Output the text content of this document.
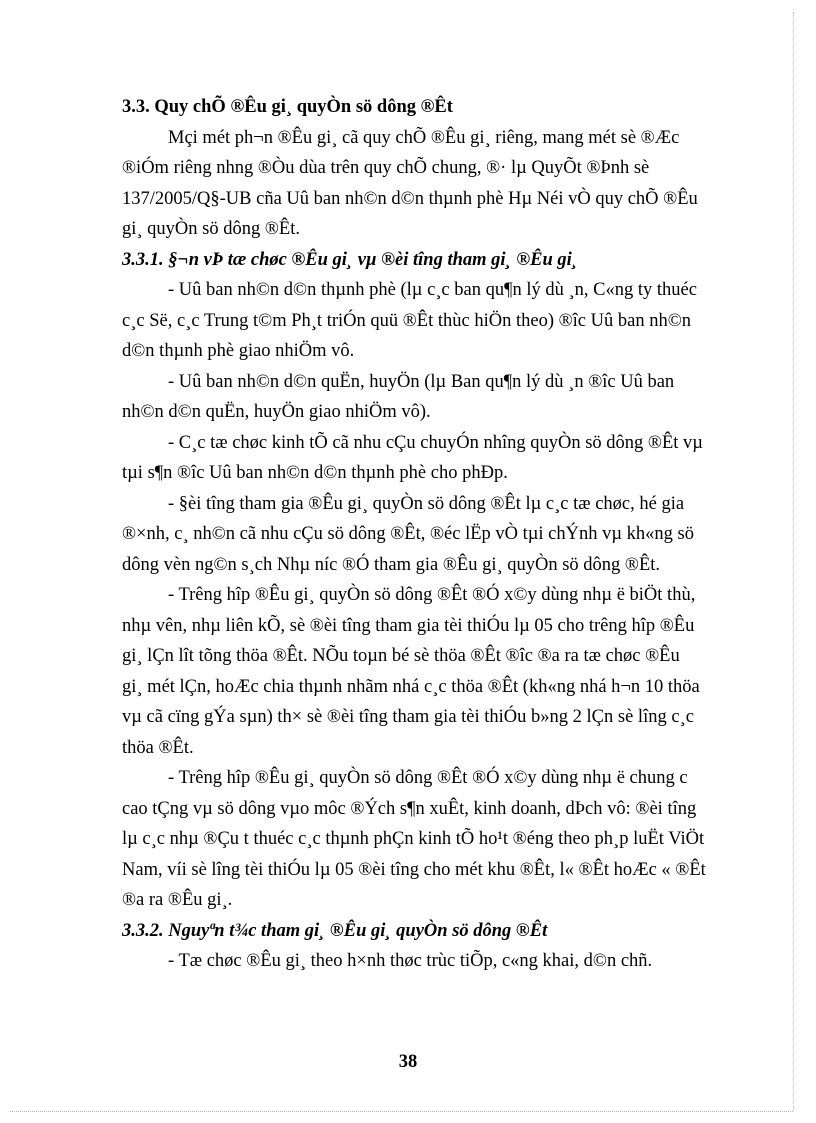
3.3. Quy chÕ ®Êu gi¸ quyÒn sö dông ®Êt
Mçi mét ph¬n ®Êu gi¸ cã quy chÕ ®Êu gi¸ riêng, mang mét sè ®Æc
®iÓm riêng nhng ®Òu dùa trên quy chÕ chung, ®· lµ QuyÕt ®Þnh sè
137/2005/Q§-UB cña Uû ban nh©n d©n thµnh phè Hµ Néi vÒ quy chÕ ®Êu
gi¸ quyÒn sö dông ®Êt.
3.3.1. §¬n vÞ tæ chøc ®Êu gi¸ vµ ®èi tîng tham gi¸ ®Êu gi¸
- Uû ban nh©n d©n thµnh phè (lµ c¸c ban qu¶n lý dù ¸n, C«ng ty thuéc
c¸c Së, c¸c Trung t©m Ph¸t triÓn quü ®Êt thùc hiÖn theo) ®îc Uû ban nh©n
d©n thµnh phè giao nhiÖm vô.
- Uû ban nh©n d©n quËn, huyÖn (lµ Ban qu¶n lý dù ¸n ®îc Uû ban
nh©n d©n quËn, huyÖn giao nhiÖm vô).
- C¸c tæ chøc kinh tÕ cã nhu cÇu chuyÓn nhîng quyÒn sö dông ®Êt vµ
tµi s¶n ®îc Uû ban nh©n d©n thµnh phè cho phÐp.
- §èi tîng tham gia ®Êu gi¸ quyÒn sö dông ®Êt lµ c¸c tæ chøc, hé gia
®×nh, c¸ nh©n cã nhu cÇu sö dông ®Êt, ®éc lËp vÒ tµi chÝnh vµ kh«ng sö
dông vèn ng©n s¸ch Nhµ níc ®Ó tham gia ®Êu gi¸ quyÒn sö dông ®Êt.
- Trêng hîp ®Êu gi¸ quyÒn sö dông ®Êt ®Ó x©y dùng nhµ ë biÖt thù,
nhµ vên, nhµ liên kÕ, sè ®èi tîng tham gia tèi thiÓu lµ 05 cho trêng hîp ®Êu
gi¸ lÇn lît tõng thöa ®Êt. NÕu toµn bé sè thöa ®Êt ®îc ®a ra tæ chøc ®Êu
gi¸ mét lÇn, hoÆc chia thµnh nhãm nhá c¸c thöa ®Êt (kh«ng nhá h¬n 10 thöa
vµ cã cïng gÝa sµn) th× sè ®èi tîng tham gia tèi thiÓu b»ng 2 lÇn sè lîng c¸c
thöa ®Êt.
- Trêng hîp ®Êu gi¸ quyÒn sö dông ®Êt ®Ó x©y dùng nhµ ë chung c
cao tÇng vµ sö dông vµo môc ®Ých s¶n xuÊt, kinh doanh, dÞch vô: ®èi tîng
lµ c¸c nhµ ®Çu t thuéc c¸c thµnh phÇn kinh tÕ ho¹t ®éng theo ph¸p luËt ViÖt
Nam, víi sè lîng tèi thiÓu lµ 05 ®èi tîng cho mét khu ®Êt, l« ®Êt hoÆc « ®Êt
®a ra ®Êu gi¸.
3.3.2. Nguyªn t¾c tham gi¸ ®Êu gi¸ quyÒn sö dông ®Êt
- Tæ chøc ®Êu gi¸ theo h×nh thøc trùc tiÕp, c«ng khai, d©n chñ.
38
